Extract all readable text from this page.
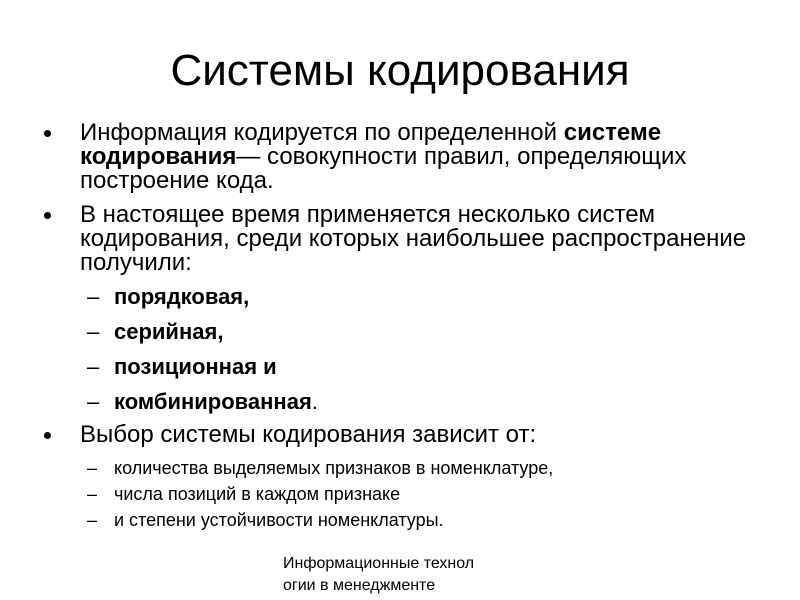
Системы кодирования
Информация кодируется по определенной системе кодирования— совокупности правил, определяющих построение кода.
В настоящее время применяется несколько систем кодирования, среди которых наибольшее распространение получили:
– порядковая,
– серийная,
– позиционная и
– комбинированная.
Выбор системы кодирования зависит от:
– количества выделяемых признаков в номенклатуре,
– числа позиций в каждом признаке
– и степени устойчивости номенклатуры.
Информационные технол
огии в менеджменте
